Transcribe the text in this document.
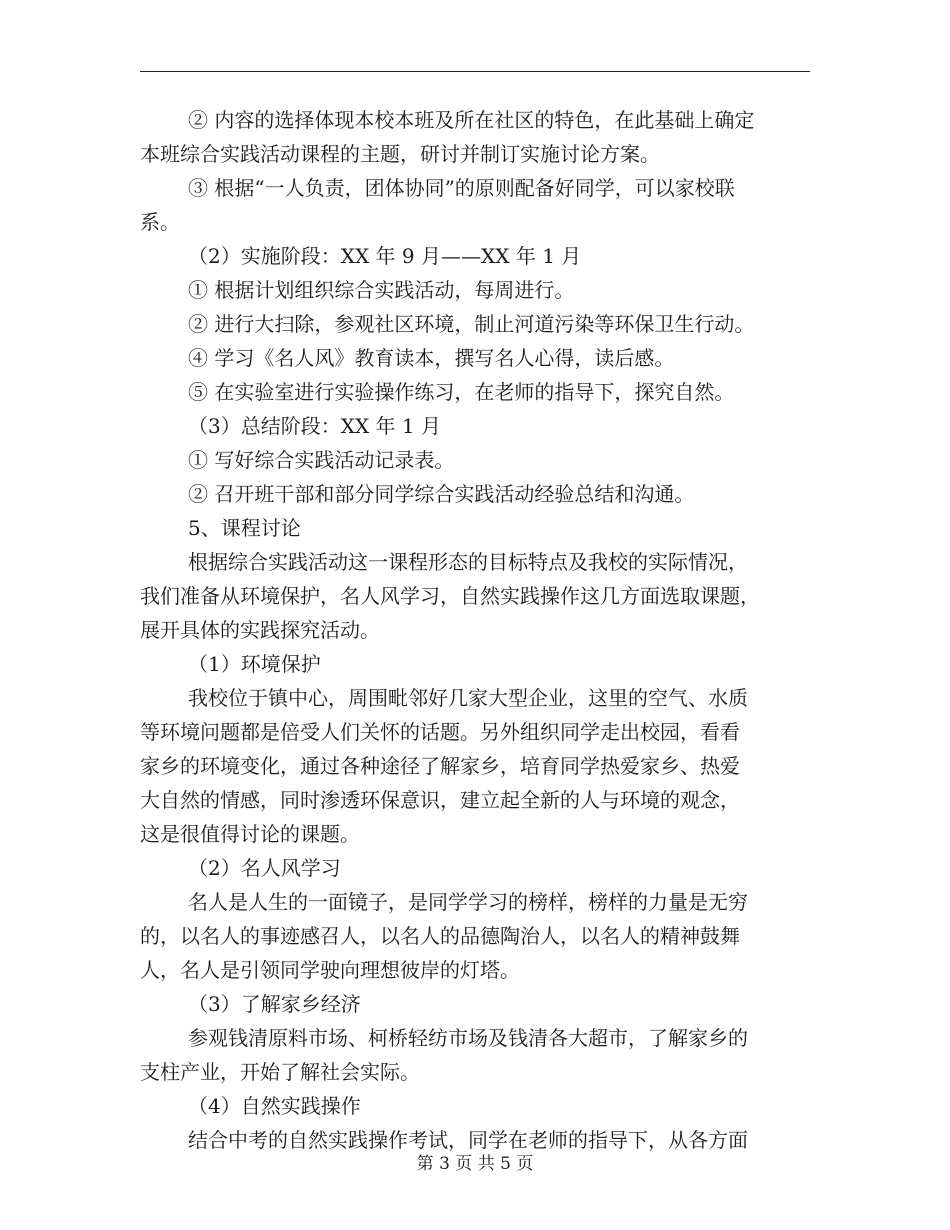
② 内容的选择体现本校本班及所在社区的特色，在此基础上确定
本班综合实践活动课程的主题，研讨并制订实施讨论方案。
③ 根据“一人负责，团体协同”的原则配备好同学，可以家校联
系。
（2）实施阶段：XX 年 9 月——XX 年 1 月
① 根据计划组织综合实践活动，每周进行。
② 进行大扫除，参观社区环境，制止河道污染等环保卫生行动。
④ 学习《名人风》教育读本，撰写名人心得，读后感。
⑤ 在实验室进行实验操作练习，在老师的指导下，探究自然。
（3）总结阶段：XX 年 1 月
① 写好综合实践活动记录表。
② 召开班干部和部分同学综合实践活动经验总结和沟通。
5、课程讨论
根据综合实践活动这一课程形态的目标特点及我校的实际情况，
我们准备从环境保护，名人风学习，自然实践操作这几方面选取课题，
展开具体的实践探究活动。
（1）环境保护
我校位于镇中心，周围毗邻好几家大型企业，这里的空气、水质
等环境问题都是倍受人们关怀的话题。另外组织同学走出校园，看看
家乡的环境变化，通过各种途径了解家乡，培育同学热爱家乡、热爱
大自然的情感，同时渗透环保意识，建立起全新的人与环境的观念，
这是很值得讨论的课题。
（2）名人风学习
名人是人生的一面镜子，是同学学习的榜样，榜样的力量是无穷
的，以名人的事迹感召人，以名人的品德陶治人，以名人的精神鼓舞
人，名人是引领同学驶向理想彼岸的灯塔。
（3）了解家乡经济
参观钱清原料市场、柯桥轻纺市场及钱清各大超市，了解家乡的
支柱产业，开始了解社会实际。
（4）自然实践操作
结合中考的自然实践操作考试，同学在老师的指导下，从各方面
第 3 页 共 5 页
